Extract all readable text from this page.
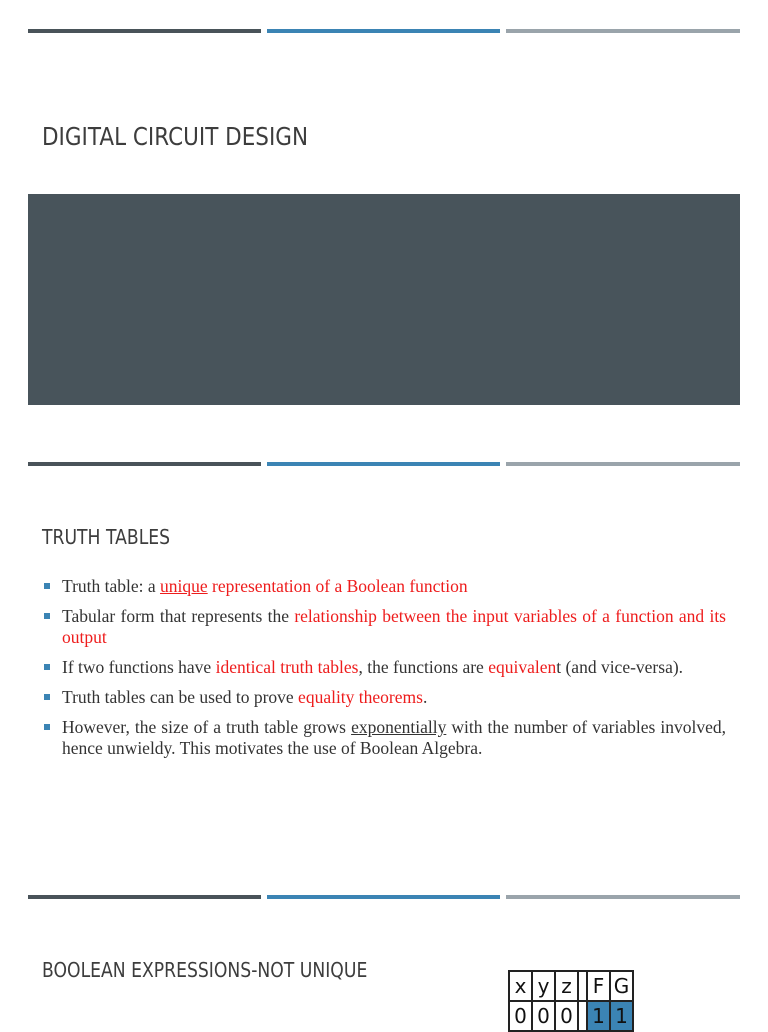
DIGITAL CIRCUIT DESIGN
TRUTH TABLES
Truth table: a unique representation of a Boolean function
Tabular form that represents the relationship between the input variables of a function and its output
If two functions have identical truth tables, the functions are equivalent (and vice-versa).
Truth tables can be used to prove equality theorems.
However, the size of a truth table grows exponentially with the number of variables involved, hence unwieldy. This motivates the use of Boolean Algebra.
BOOLEAN EXPRESSIONS-NOT UNIQUE
x	y	z		F	G
0	0	0		1	1
